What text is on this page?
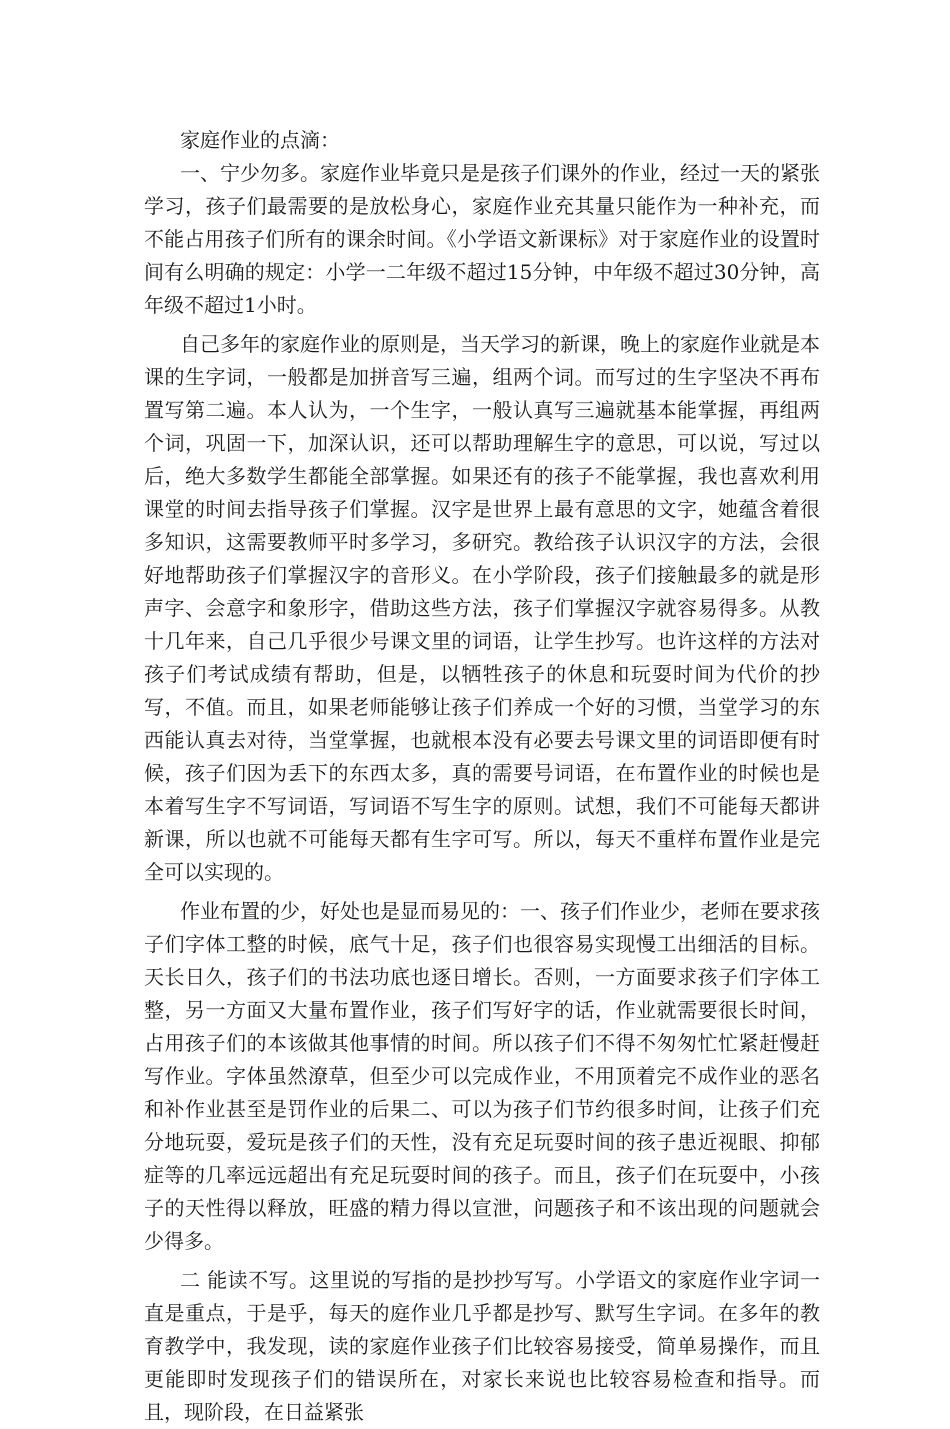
家庭作业的点滴：

一、宁少勿多。家庭作业毕竟只是是孩子们课外的作业，经过一天的紧张学习，孩子们最需要的是放松身心，家庭作业充其量只能作为一种补充，而不能占用孩子们所有的课余时间。《小学语文新课标》对于家庭作业的设置时间有么明确的规定：小学一二年级不超过15分钟，中年级不超过30分钟，高年级不超过1小时。

自己多年的家庭作业的原则是，当天学习的新课，晚上的家庭作业就是本课的生字词，一般都是加拼音写三遍，组两个词。而写过的生字坚决不再布置写第二遍。本人认为，一个生字，一般认真写三遍就基本能掌握，再组两个词，巩固一下，加深认识，还可以帮助理解生字的意思，可以说，写过以后，绝大多数学生都能全部掌握。如果还有的孩子不能掌握，我也喜欢利用课堂的时间去指导孩子们掌握。汉字是世界上最有意思的文字，她蕴含着很多知识，这需要教师平时多学习，多研究。教给孩子认识汉字的方法，会很好地帮助孩子们掌握汉字的音形义。在小学阶段，孩子们接触最多的就是形声字、会意字和象形字，借助这些方法，孩子们掌握汉字就容易得多。从教十几年来，自己几乎很少号课文里的词语，让学生抄写。也许这样的方法对孩子们考试成绩有帮助，但是，以牺牲孩子的休息和玩耍时间为代价的抄写，不值。而且，如果老师能够让孩子们养成一个好的习惯，当堂学习的东西能认真去对待，当堂掌握，也就根本没有必要去号课文里的词语即便有时候，孩子们因为丢下的东西太多，真的需要号词语，在布置作业的时候也是本着写生字不写词语，写词语不写生字的原则。试想，我们不可能每天都讲新课，所以也就不可能每天都有生字可写。所以，每天不重样布置作业是完全可以实现的。

作业布置的少，好处也是显而易见的：一、孩子们作业少，老师在要求孩子们字体工整的时候，底气十足，孩子们也很容易实现慢工出细活的目标。天长日久，孩子们的书法功底也逐日增长。否则，一方面要求孩子们字体工整，另一方面又大量布置作业，孩子们写好字的话，作业就需要很长时间，占用孩子们的本该做其他事情的时间。所以孩子们不得不匆匆忙忙紧赶慢赶写作业。字体虽然潦草，但至少可以完成作业，不用顶着完不成作业的恶名和补作业甚至是罚作业的后果二、可以为孩子们节约很多时间，让孩子们充分地玩耍，爱玩是孩子们的天性，没有充足玩耍时间的孩子患近视眼、抑郁症等的几率远远超出有充足玩耍时间的孩子。而且，孩子们在玩耍中，小孩子的天性得以释放，旺盛的精力得以宣泄，问题孩子和不该出现的问题就会少得多。

二 能读不写。这里说的写指的是抄抄写写。小学语文的家庭作业字词一直是重点，于是乎，每天的庭作业几乎都是抄写、默写生字词。在多年的教育教学中，我发现，读的家庭作业孩子们比较容易接受，简单易操作，而且更能即时发现孩子们的错误所在，对家长来说也比较容易检查和指导。而且，现阶段，在日益紧张
